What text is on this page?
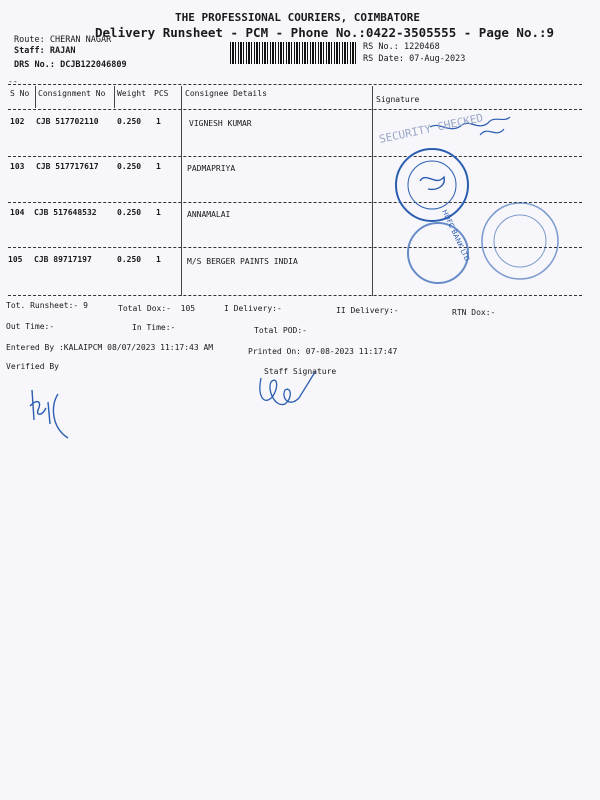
THE PROFESSIONAL COURIERS, COIMBATORE
Delivery Runsheet - PCM - Phone No.:0422-3505555 - Page No.:9
Route: CHERAN NAGAR
Staff: RAJAN
DRS No.: DCJB122046809
RS No.: 1220468
RS Date: 07-Aug-2023
--
S No Consignment No Weight PCS Consignee Details
Signature
102 CJB 517702110 0.250 1	VIGNESH KUMAR
103 CJB 517717617 0.250 1	PADMAPRIYA
104 CJB 517648532	0.250 1	ANNAMALAI
105 CJB 89717197	0.250 1	M/S BERGER PAINTS INDIA
Tot. Runsheet:- 9	Total Dox:- 105	I Delivery:-	II Delivery:-	RTN Dox:-
Out Time:-	In Time:-	Total POD:-
Entered By :KALAIPCM 08/07/2023 11:17:43 AM	Printed On: 07-08-2023 11:17:47
Verified By
Staff Signature
SECURITY CHECKED
HDFC BANK LTD
